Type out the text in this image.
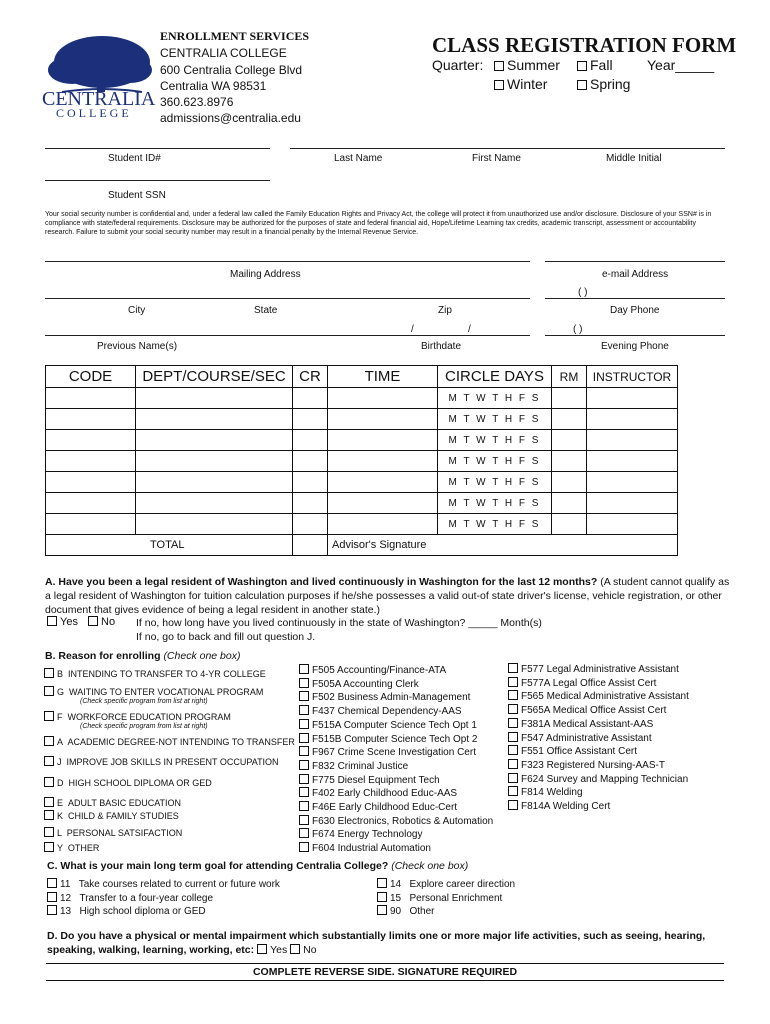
CENTRALIA
COLLEGE
ENROLLMENT SERVICES
CENTRALIA COLLEGE
600 Centralia College Blvd
Centralia WA 98531
360.623.8976
admissions@centralia.edu
CLASS REGISTRATION FORM
Quarter:	Summer	Fall Year_____
Winter	Spring
Student ID#	Last Name	First Name	Middle Initial
Student SSN
Your social security number is confidential and, under a federal law called the Family Education Rights and Privacy Act, the college will protect it from unauthorized use and/or disclosure. Disclosure of your SSN# is in compliance with state/federal requirements. Disclosure may be authorized for the purposes of state and federal financial aid, Hope/Lifetime Learning tax credits, academic transcript, assessment or accountability research. Failure to submit your social security number may result in a financial penalty by the Internal Revenue Service.
Mailing Address	e-mail Address
( )
City	State	Zip	Day Phone
/	/	( )
Previous Name(s)	Birthdate	Evening Phone
CODE	DEPT/COURSE/SEC	CR	TIME	CIRCLE DAYS	RM	INSTRUCTOR
				M T W T H F S		
				M T W T H F S		
				M T W T H F S		
				M T W T H F S		
				M T W T H F S		
				M T W T H F S		
				M T W T H F S		
TOTAL			Advisor's Signature			
A. Have you been a legal resident of Washington and lived continuously in Washington for the last 12 months? (A student cannot qualify as a legal resident of Washington for tuition calculation purposes if he/she possesses a valid out-of state driver's license, vehicle registration, or other document that gives evidence of being a legal resident in another state.)
Yes	No If no, how long have you lived continuously in the state of Washington? _____ Month(s)
If no, go to back and fill out question J.
B. Reason for enrolling (Check one box)
B INTENDING TO TRANSFER TO 4-YR COLLEGE
G WAITING TO ENTER VOCATIONAL PROGRAM
(Check specific program from list at right)
F WORKFORCE EDUCATION PROGRAM
(Check specific program from list at right)
A ACADEMIC DEGREE-NOT INTENDING TO TRANSFER
J IMPROVE JOB SKILLS IN PRESENT OCCUPATION
D HIGH SCHOOL DIPLOMA OR GED
E ADULT BASIC EDUCATION
K CHILD & FAMILY STUDIES
L PERSONAL SATSIFACTION
Y OTHER
F505 Accounting/Finance-ATA
F505A Accounting Clerk
F502 Business Admin-Management
F437 Chemical Dependency-AAS
F515A Computer Science Tech Opt 1
F515B Computer Science Tech Opt 2
F967 Crime Scene Investigation Cert
F832 Criminal Justice
F775 Diesel Equipment Tech
F402 Early Childhood Educ-AAS
F46E Early Childhood Educ-Cert
F630 Electronics, Robotics & Automation
F674 Energy Technology
F604 Industrial Automation
F577 Legal Administrative Assistant
F577A Legal Office Assist Cert
F565 Medical Administrative Assistant
F565A Medical Office Assist Cert
F381A Medical Assistant-AAS
F547 Administrative Assistant
F551 Office Assistant Cert
F323 Registered Nursing-AAS-T
F624 Survey and Mapping Technician
F814 Welding
F814A Welding Cert
C. What is your main long term goal for attending Centralia College? (Check one box)
11 Take courses related to current or future work
12 Transfer to a four-year college
13 High school diploma or GED
14 Explore career direction
15 Personal Enrichment
90 Other
D. Do you have a physical or mental impairment which substantially limits one or more major life activities, such as seeing, hearing, speaking, walking, learning, working, etc: Yes No
COMPLETE REVERSE SIDE. SIGNATURE REQUIRED
